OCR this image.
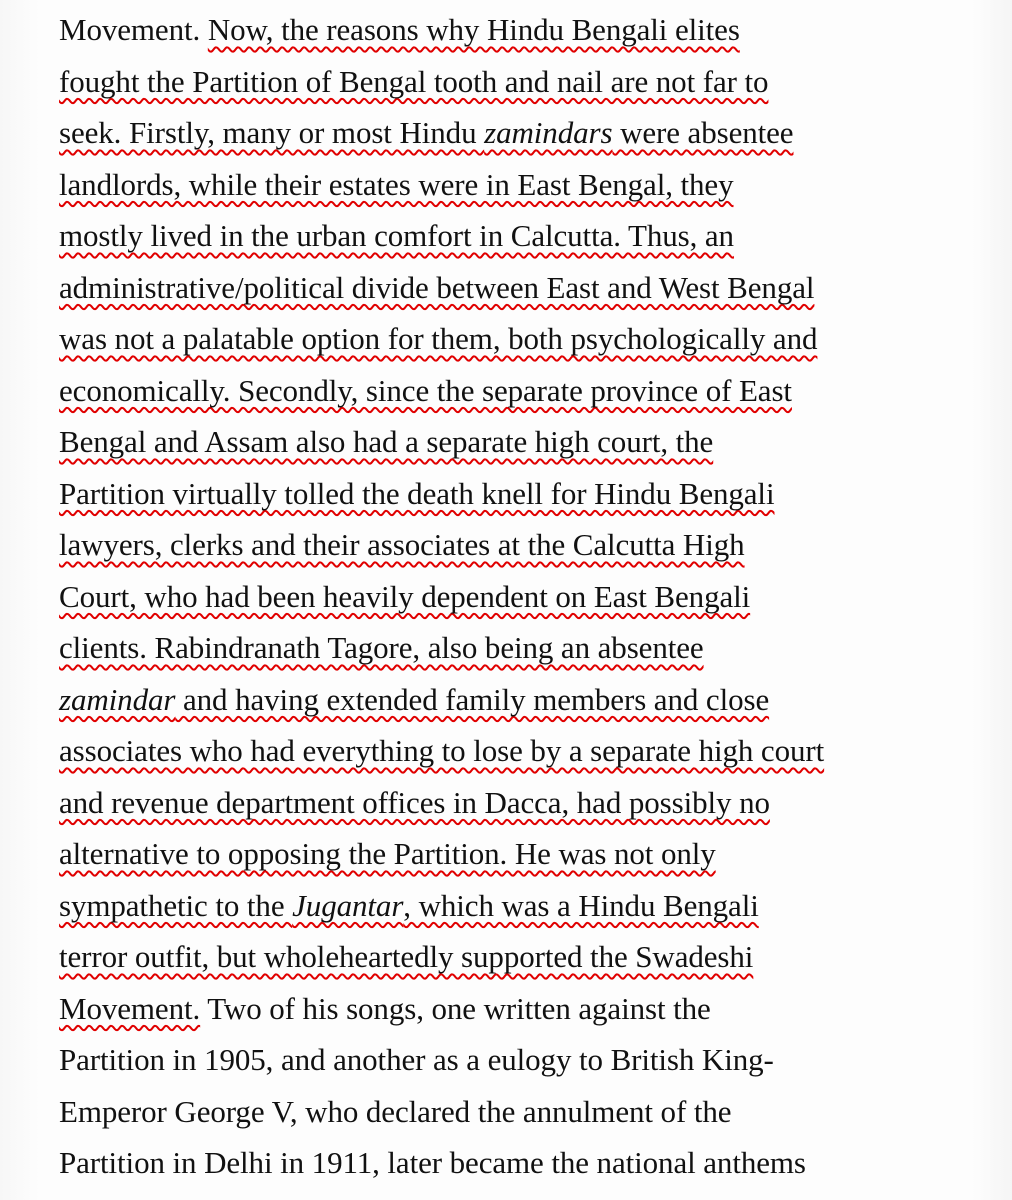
Movement. Now, the reasons why Hindu Bengali elites
fought the Partition of Bengal tooth and nail are not far to
seek. Firstly, many or most Hindu zamindars were absentee
landlords, while their estates were in East Bengal, they
mostly lived in the urban comfort in Calcutta. Thus, an
administrative/political divide between East and West Bengal
was not a palatable option for them, both psychologically and
economically. Secondly, since the separate province of East
Bengal and Assam also had a separate high court, the
Partition virtually tolled the death knell for Hindu Bengali
lawyers, clerks and their associates at the Calcutta High
Court, who had been heavily dependent on East Bengali
clients. Rabindranath Tagore, also being an absentee
zamindar and having extended family members and close
associates who had everything to lose by a separate high court
and revenue department offices in Dacca, had possibly no
alternative to opposing the Partition. He was not only
sympathetic to the Jugantar, which was a Hindu Bengali
terror outfit, but wholeheartedly supported the Swadeshi
Movement. Two of his songs, one written against the
Partition in 1905, and another as a eulogy to British King-
Emperor George V, who declared the annulment of the
Partition in Delhi in 1911, later became the national anthems
